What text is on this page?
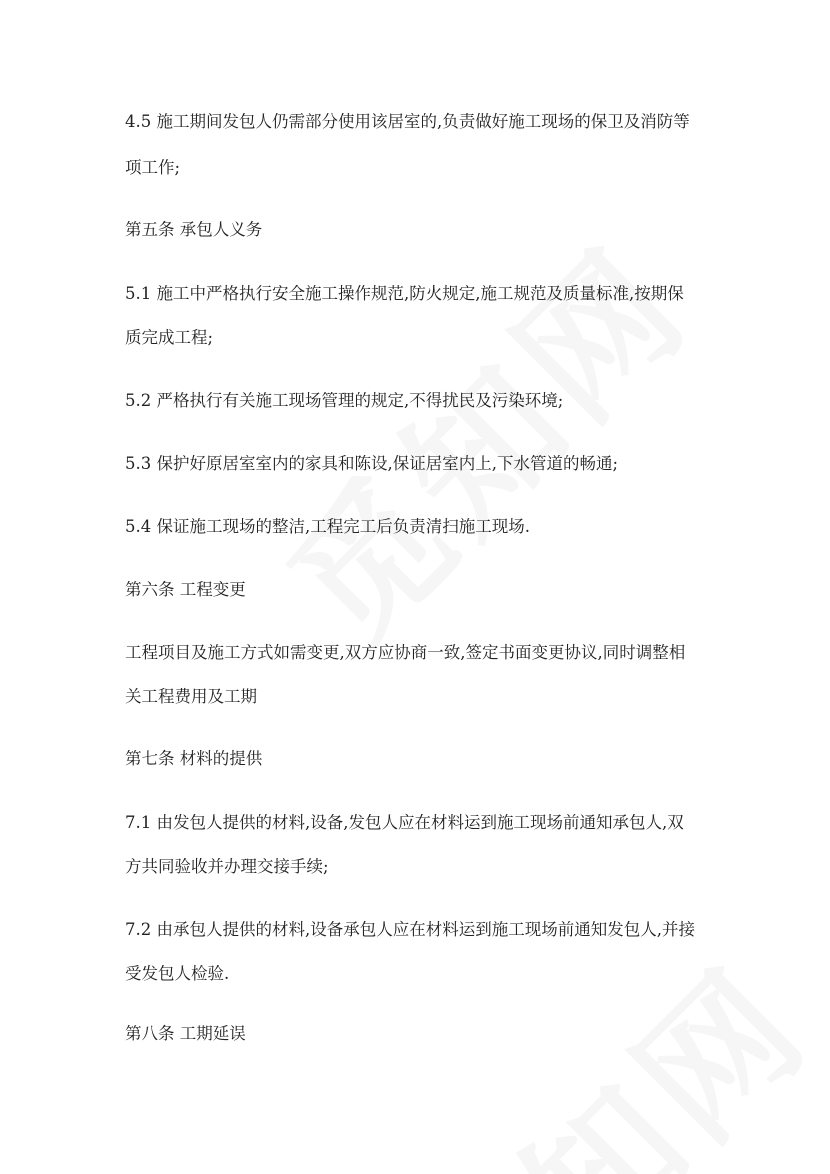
4.5 施工期间发包人仍需部分使用该居室的,负责做好施工现场的保卫及消防等
项工作;
第五条 承包人义务
5.1 施工中严格执行安全施工操作规范,防火规定,施工规范及质量标准,按期保
质完成工程;
5.2 严格执行有关施工现场管理的规定,不得扰民及污染环境;
5.3 保护好原居室室内的家具和陈设,保证居室内上,下水管道的畅通;
5.4 保证施工现场的整洁,工程完工后负责清扫施工现场.
第六条 工程变更
工程项目及施工方式如需变更,双方应协商一致,签定书面变更协议,同时调整相
关工程费用及工期
第七条 材料的提供
7.1 由发包人提供的材料,设备,发包人应在材料运到施工现场前通知承包人,双
方共同验收并办理交接手续;
7.2 由承包人提供的材料,设备承包人应在材料运到施工现场前通知发包人,并接
受发包人检验.
第八条 工期延误
